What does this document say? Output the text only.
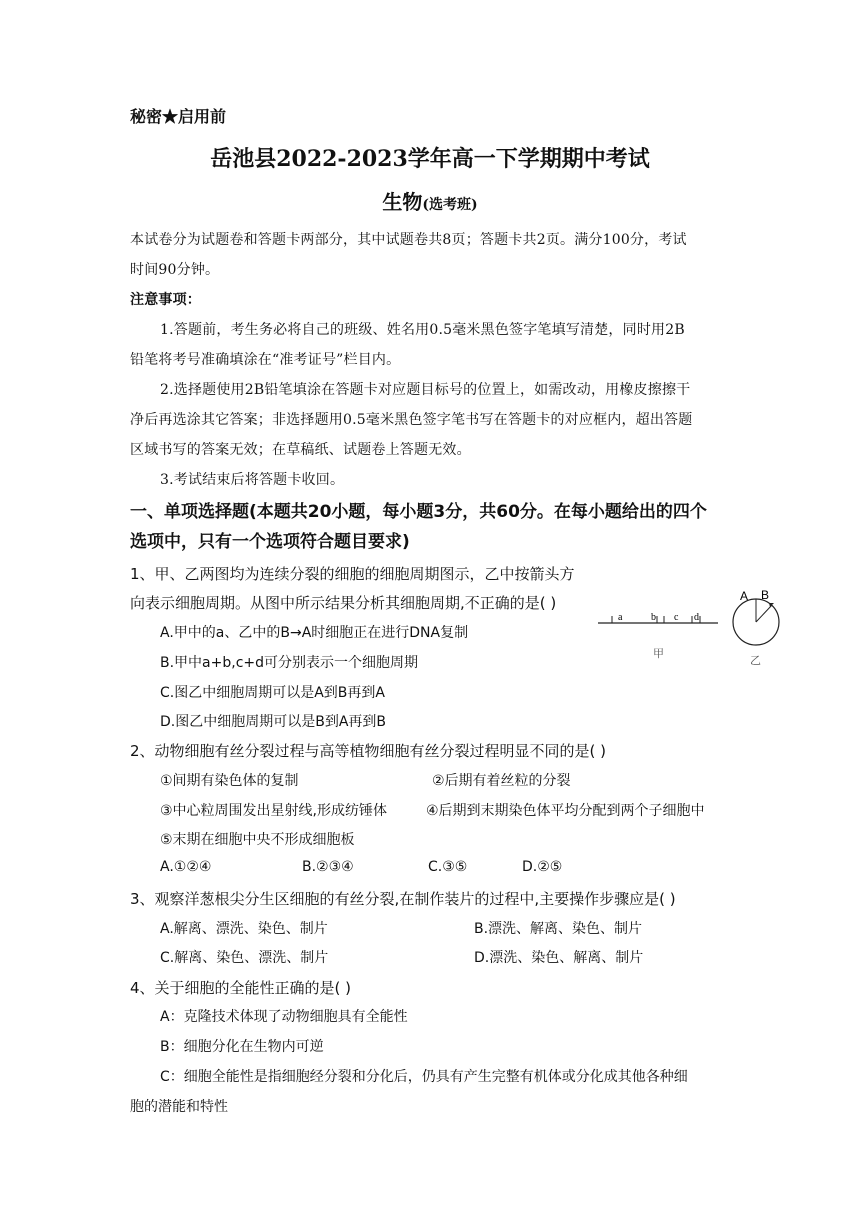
秘密★启用前
岳池县2022-2023学年高一下学期期中考试
生物(选考班)
本试卷分为试题卷和答题卡两部分，其中试题卷共8页；答题卡共2页。满分100分，考试
时间90分钟。
注意事项：
1.答题前，考生务必将自己的班级、姓名用0.5毫米黑色签字笔填写清楚，同时用2B
铅笔将考号准确填涂在“准考证号”栏目内。
2.选择题使用2B铅笔填涂在答题卡对应题目标号的位置上，如需改动，用橡皮擦擦干
净后再选涂其它答案；非选择题用0.5毫米黑色签字笔书写在答题卡的对应框内，超出答题
区域书写的答案无效；在草稿纸、试题卷上答题无效。
3.考试结束后将答题卡收回。
一、单项选择题(本题共20小题，每小题3分，共60分。在每小题给出的四个
选项中，只有一个选项符合题目要求)
1、甲、乙两图均为连续分裂的细胞的细胞周期图示，乙中按箭头方
向表示细胞周期。从图中所示结果分析其细胞周期,不正确的是( )
A.甲中的a、乙中的B→A时细胞正在进行DNA复制
B.甲中a+b,c+d可分别表示一个细胞周期
C.图乙中细胞周期可以是A到B再到A
D.图乙中细胞周期可以是B到A再到B
a	b c d
甲
A B
乙
2、动物细胞有丝分裂过程与高等植物细胞有丝分裂过程明显不同的是( )
①间期有染色体的复制	②后期有着丝粒的分裂
③中心粒周围发出星射线,形成纺锤体	④后期到末期染色体平均分配到两个子细胞中
⑤末期在细胞中央不形成细胞板
A.①②④	B.②③④	C.③⑤	D.②⑤
3、观察洋葱根尖分生区细胞的有丝分裂,在制作装片的过程中,主要操作步骤应是( )
A.解离、漂洗、染色、制片	B.漂洗、解离、染色、制片
C.解离、染色、漂洗、制片	D.漂洗、染色、解离、制片
4、关于细胞的全能性正确的是( )
A：克隆技术体现了动物细胞具有全能性
B：细胞分化在生物内可逆
C：细胞全能性是指细胞经分裂和分化后，仍具有产生完整有机体或分化成其他各种细
胞的潜能和特性
